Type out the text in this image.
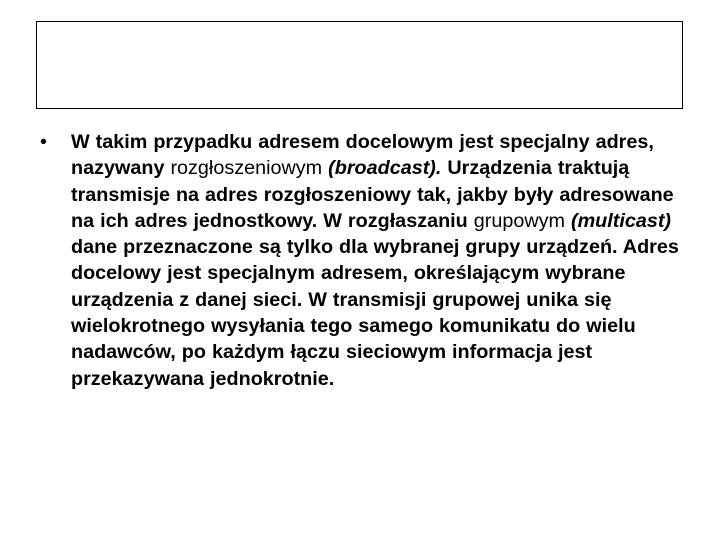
• W takim przypadku adresem docelowym jest specjalny adres, nazywany rozgłoszeniowym (broadcast). Urządzenia traktują transmisje na adres rozgłoszeniowy tak, jakby były adresowane na ich adres jednostkowy. W rozgłaszaniu grupowym (multicast) dane przeznaczone są tylko dla wybranej grupy urządzeń. Adres docelowy jest specjalnym adresem, określającym wybrane urządzenia z danej sieci. W transmisji grupowej unika się wielokrotnego wysyłania tego samego komunikatu do wielu nadawców, po każdym łączu sieciowym informacja jest przekazywana jednokrotnie.
